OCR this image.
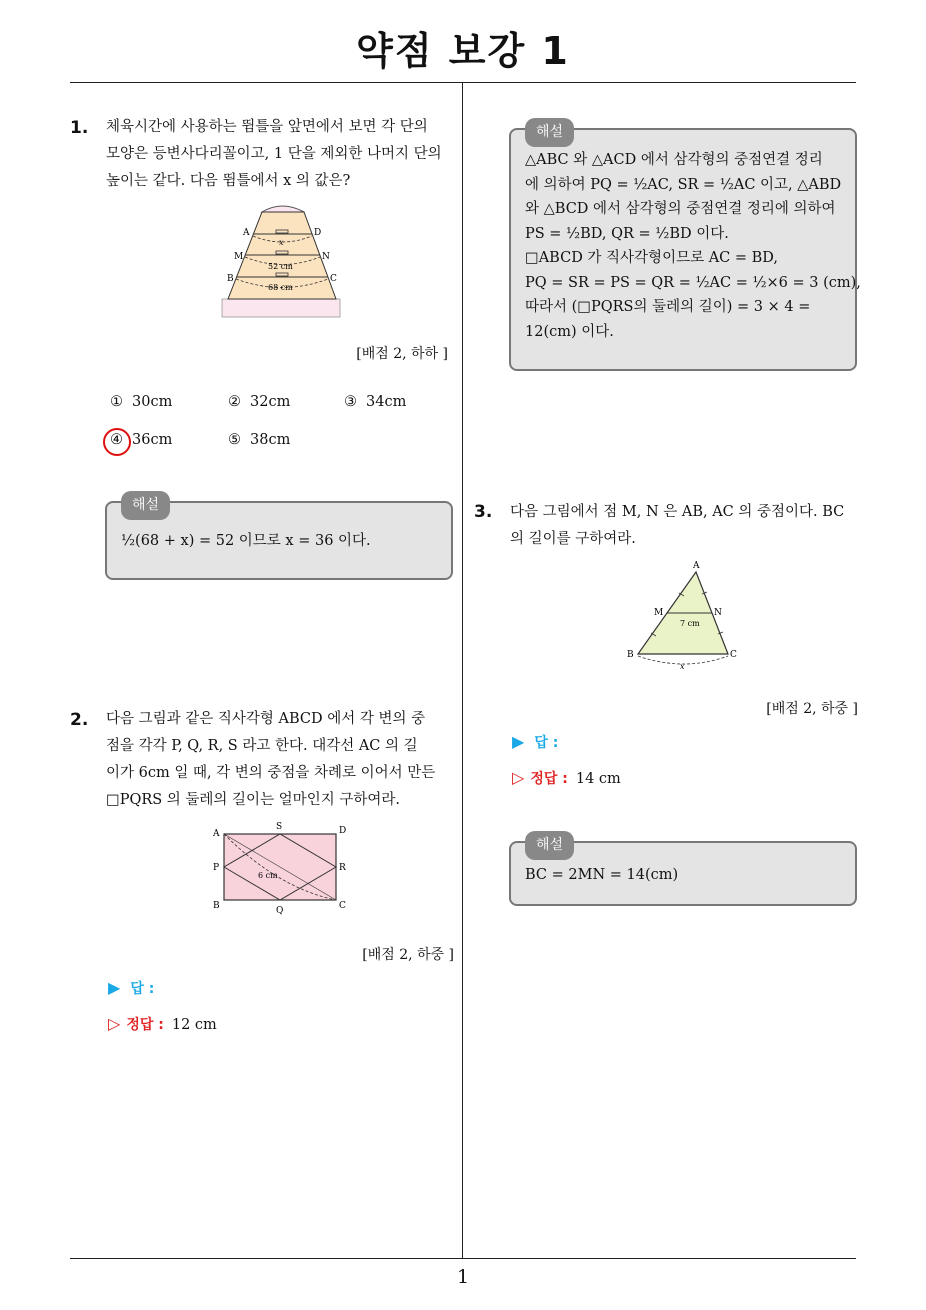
약점 보강 1
1. 체육시간에 사용하는 뜀틀을 앞면에서 보면 각 단의
모양은 등변사다리꼴이고, 1 단을 제외한 나머지 단의
높이는 같다. 다음 뜀틀에서 x 의 값은?
A	D
M	N
B	C
x
52 cm
68 cm
[배점 2, 하하 ]
① 30cm	② 32cm	③ 34cm
④ 36cm	⑤ 38cm
해설
½(68 + x) = 52 이므로 x = 36 이다.
2. 다음 그림과 같은 직사각형 ABCD 에서 각 변의 중
점을 각각 P, Q, R, S 라고 한다. 대각선 AC 의 길
이가 6cm 일 때, 각 변의 중점을 차례로 이어서 만든
□PQRS 의 둘레의 길이는 얼마인지 구하여라.
A
S	D
P	R
B	Q	C
6 cm
[배점 2, 하중 ]
▶ 답 :
▷ 정답 : 12 cm
해설
△ABC 와 △ACD 에서 삼각형의 중점연결 정리
에 의하여 PQ = ½AC, SR = ½AC 이고, △ABD
와 △BCD 에서 삼각형의 중점연결 정리에 의하여
PS = ½BD, QR = ½BD 이다.
□ABCD 가 직사각형이므로 AC = BD,
PQ = SR = PS = QR = ½AC = ½×6 = 3 (cm),
따라서 (□PQRS의 둘레의 길이) = 3 × 4 =
12(cm) 이다.
3. 다음 그림에서 점 M, N 은 AB, AC 의 중점이다. BC
의 길이를 구하여라.
A
M	N
B	C
7 cm
x
[배점 2, 하중 ]
▶ 답 :
▷ 정답 : 14 cm
해설
BC = 2MN = 14(cm)
1
